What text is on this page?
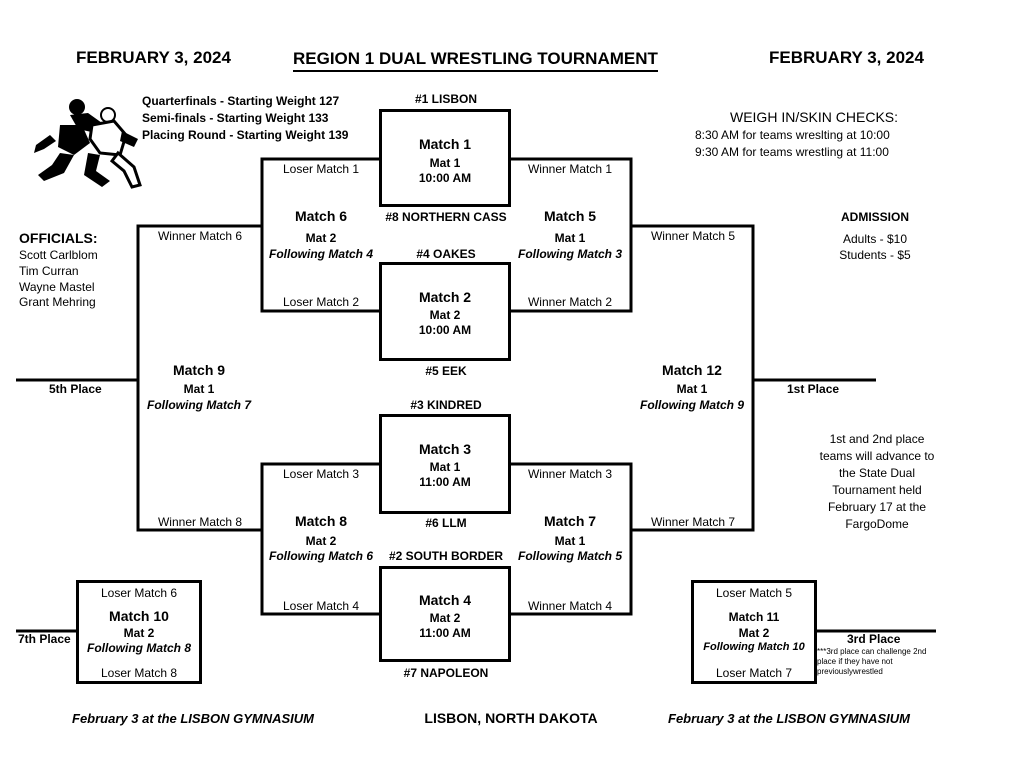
FEBRUARY 3, 2024	REGION 1 DUAL WRESTLING TOURNAMENT	FEBRUARY 3, 2024
Quarterfinals - Starting Weight 127
Semi-finals - Starting Weight 133
Placing Round - Starting Weight 139
WEIGH IN/SKIN CHECKS:
8:30 AM for teams wreslting at 10:00
9:30 AM for teams wrestling at 11:00
ADMISSION
Adults - $10
Students - $5
OFFICIALS:
Scott Carlblom
Tim Curran
Wayne Mastel
Grant Mehring
Match 1
Mat 1
10:00 AM
Match 2
Mat 2
10:00 AM
Match 3
Mat 1
11:00 AM
Match 4
Mat 2
11:00 AM
Loser Match 6
Match 10
Mat 2
Following Match 8
Loser Match 8
Loser Match 5
Match 11
Mat 2
Following Match 10
Loser Match 7
#1 LISBON
#8 NORTHERN CASS
#4 OAKES
#5 EEK
#3 KINDRED
#6 LLM
#2 SOUTH BORDER
#7 NAPOLEON
Loser Match 1	Winner Match 1
Loser Match 2	Winner Match 2
Loser Match 3	Winner Match 3
Loser Match 4	Winner Match 4
Winner Match 6	Winner Match 5
Winner Match 8	Winner Match 7
Match 6
Mat 2
Following Match 4
Match 5
Mat 1
Following Match 3
Match 8
Mat 2
Following Match 6
Match 7
Mat 1
Following Match 5
Match 9
Mat 1
Following Match 7
Match 12
Mat 1
Following Match 9
5th Place	1st Place
7th Place	3rd Place
***3rd place can challenge 2nd place if they have not previouslywrestled
1st and 2nd place teams will advance to the State Dual Tournament held February 17 at the FargoDome
February 3 at the LISBON GYMNASIUM	LISBON, NORTH DAKOTA	February 3 at the LISBON GYMNASIUM
